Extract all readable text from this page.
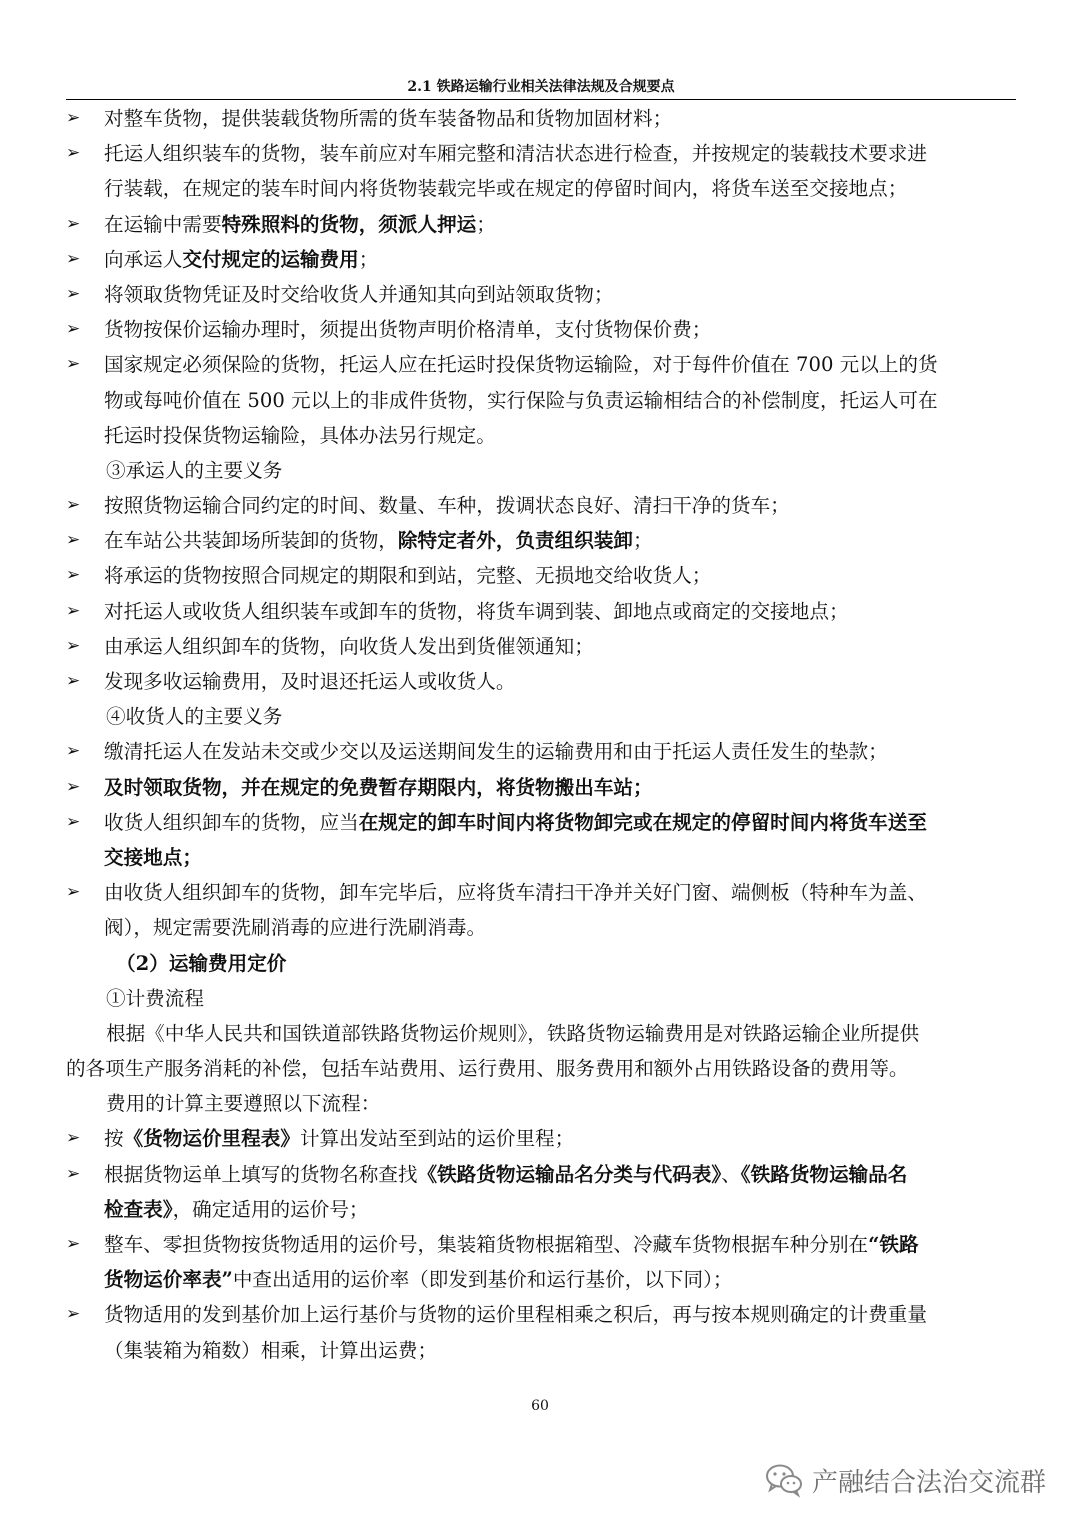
2.1 铁路运输行业相关法律法规及合规要点
➢ 对整车货物，提供装载货物所需的货车装备物品和货物加固材料；
➢ 托运人组织装车的货物，装车前应对车厢完整和清洁状态进行检查，并按规定的装载技术要求进
行装载，在规定的装车时间内将货物装载完毕或在规定的停留时间内，将货车送至交接地点；
➢ 在运输中需要特殊照料的货物，须派人押运；
➢ 向承运人交付规定的运输费用；
➢ 将领取货物凭证及时交给收货人并通知其向到站领取货物；
➢ 货物按保价运输办理时，须提出货物声明价格清单，支付货物保价费；
➢ 国家规定必须保险的货物，托运人应在托运时投保货物运输险，对于每件价值在 700 元以上的货
物或每吨价值在 500 元以上的非成件货物，实行保险与负责运输相结合的补偿制度，托运人可在
托运时投保货物运输险，具体办法另行规定。
③承运人的主要义务
➢ 按照货物运输合同约定的时间、数量、车种，拨调状态良好、清扫干净的货车；
➢ 在车站公共装卸场所装卸的货物，除特定者外，负责组织装卸；
➢ 将承运的货物按照合同规定的期限和到站，完整、无损地交给收货人；
➢ 对托运人或收货人组织装车或卸车的货物，将货车调到装、卸地点或商定的交接地点；
➢ 由承运人组织卸车的货物，向收货人发出到货催领通知；
➢ 发现多收运输费用，及时退还托运人或收货人。
④收货人的主要义务
➢ 缴清托运人在发站未交或少交以及运送期间发生的运输费用和由于托运人责任发生的垫款；
➢ 及时领取货物，并在规定的免费暂存期限内，将货物搬出车站；
➢ 收货人组织卸车的货物，应当在规定的卸车时间内将货物卸完或在规定的停留时间内将货车送至
交接地点；
➢ 由收货人组织卸车的货物，卸车完毕后，应将货车清扫干净并关好门窗、端侧板（特种车为盖、
阀），规定需要洗刷消毒的应进行洗刷消毒。
（2）运输费用定价
①计费流程
根据《中华人民共和国铁道部铁路货物运价规则》，铁路货物运输费用是对铁路运输企业所提供
的各项生产服务消耗的补偿，包括车站费用、运行费用、服务费用和额外占用铁路设备的费用等。
费用的计算主要遵照以下流程：
➢ 按《货物运价里程表》计算出发站至到站的运价里程；
➢ 根据货物运单上填写的货物名称查找《铁路货物运输品名分类与代码表》、《铁路货物运输品名
检查表》，确定适用的运价号；
➢ 整车、零担货物按货物适用的运价号，集装箱货物根据箱型、冷藏车货物根据车种分别在“铁路
货物运价率表”中查出适用的运价率（即发到基价和运行基价，以下同）；
➢ 货物适用的发到基价加上运行基价与货物的运价里程相乘之积后，再与按本规则确定的计费重量
（集装箱为箱数）相乘，计算出运费；
60
产融结合法治交流群
